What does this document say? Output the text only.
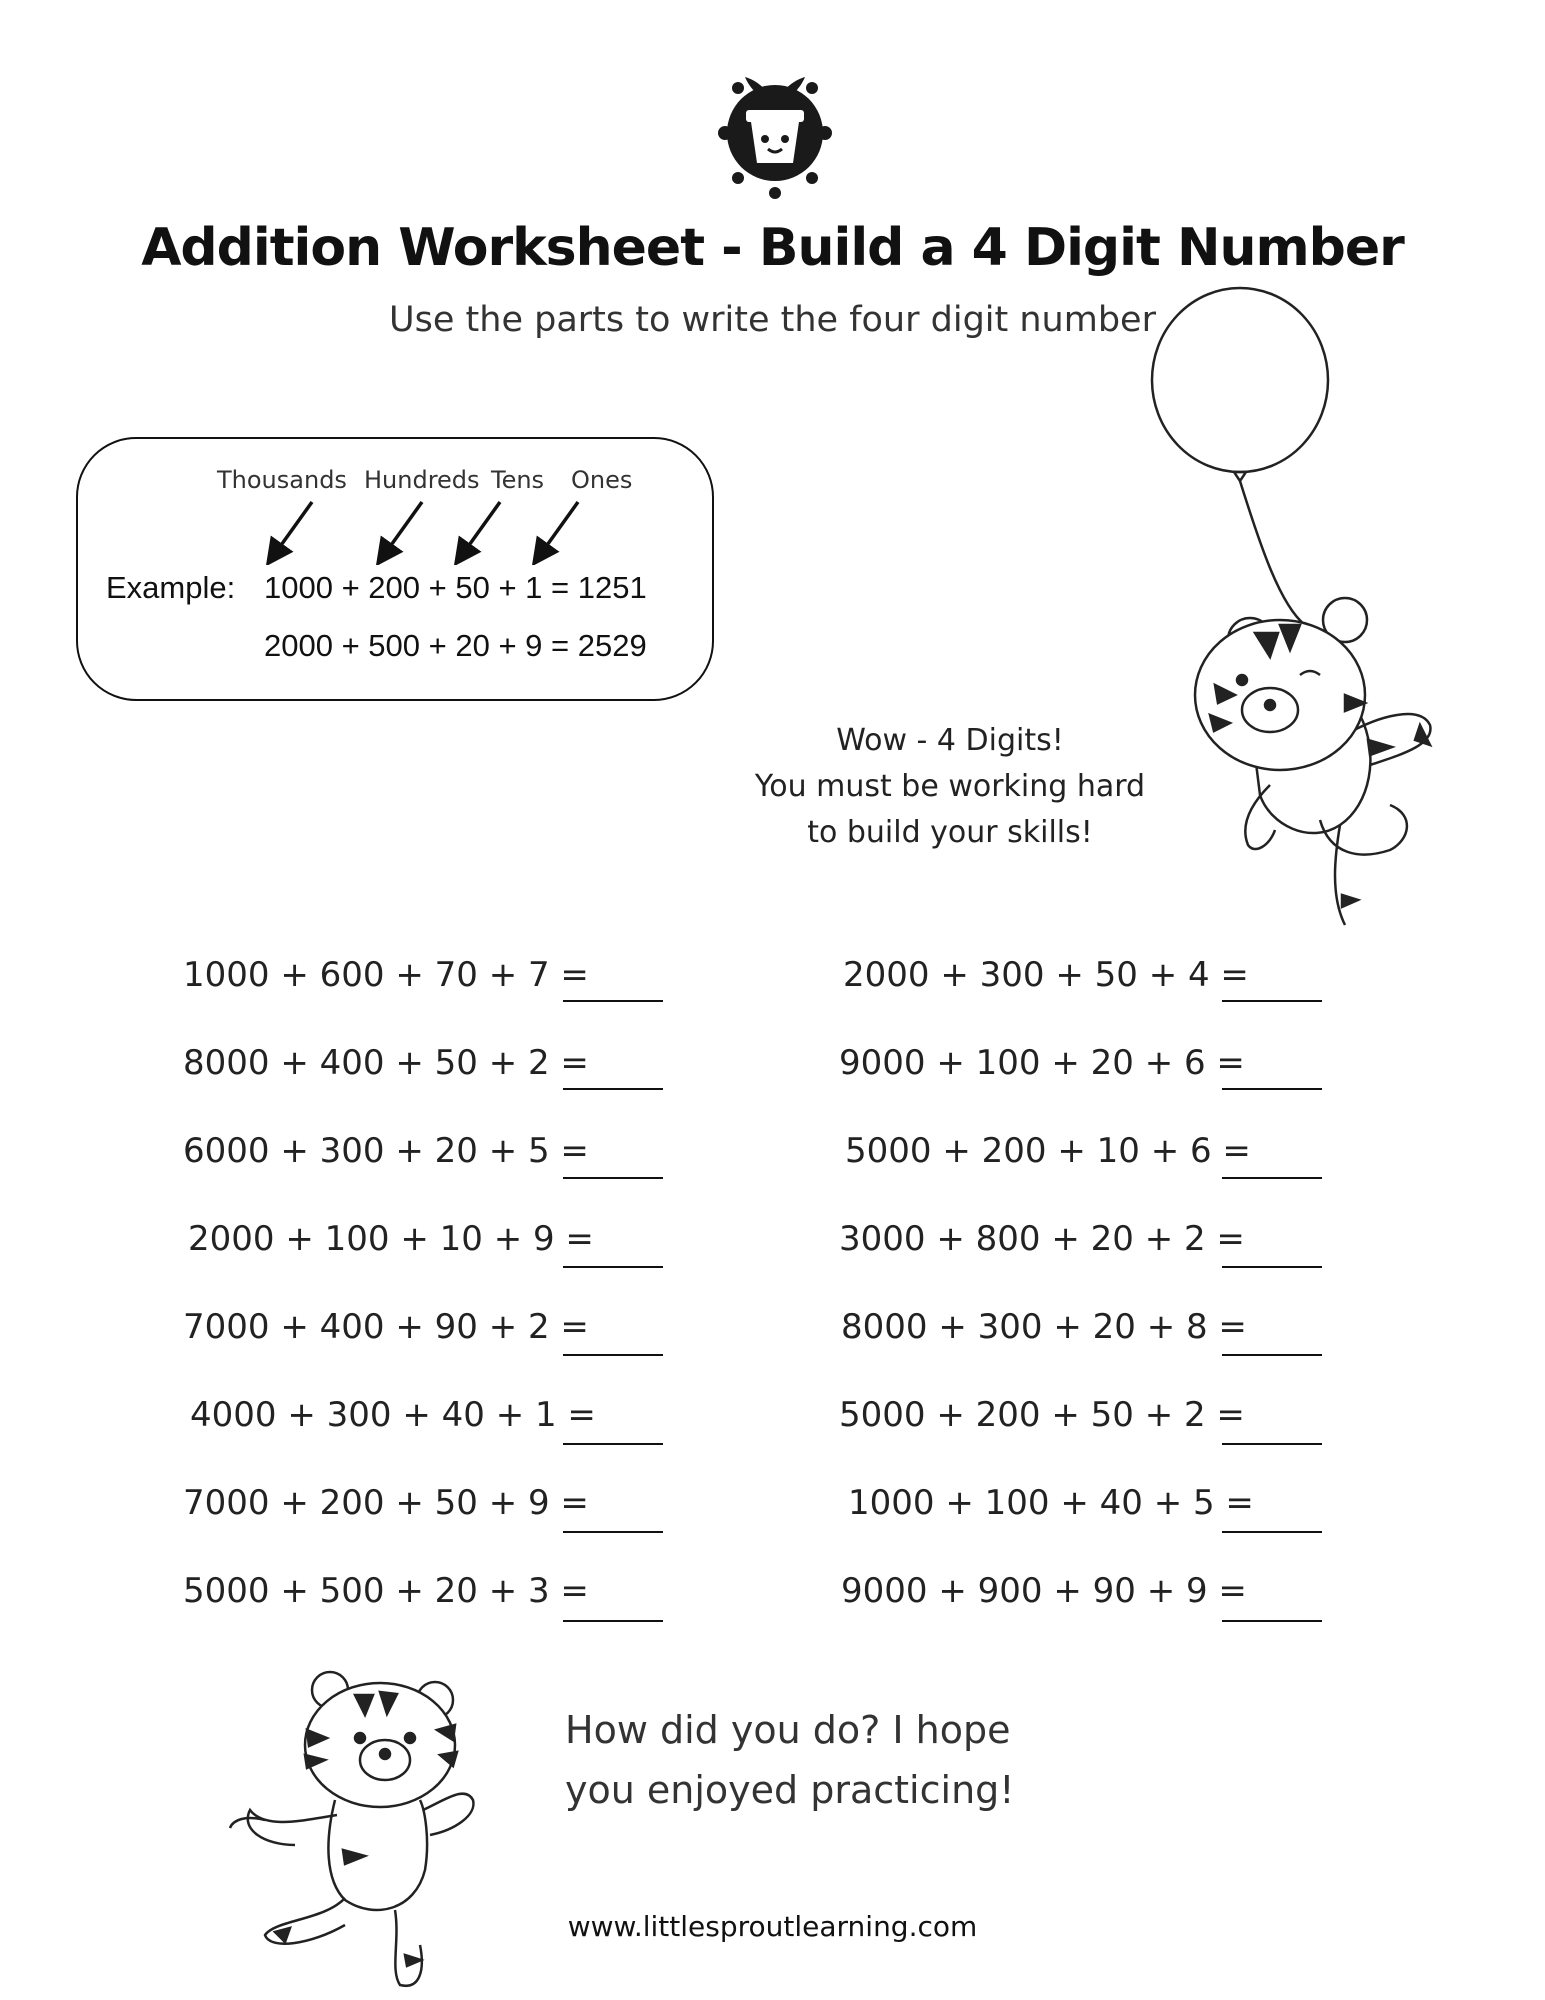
Addition Worksheet - Build a 4 Digit Number
Use the parts to write the four digit number
Thousands Hundreds Tens Ones
Example: 1000 + 200 + 50 + 1 = 1251
2000 + 500 + 20 + 9 = 2529
Wow - 4 Digits!
You must be working hard
to build your skills!
1000 + 600 + 70 + 7 =
8000 + 400 + 50 + 2 =
6000 + 300 + 20 + 5 =
2000 + 100 + 10 + 9 =
7000 + 400 + 90 + 2 =
4000 + 300 + 40 + 1 =
7000 + 200 + 50 + 9 =
5000 + 500 + 20 + 3 =
2000 + 300 + 50 + 4 =
9000 + 100 + 20 + 6 =
5000 + 200 + 10 + 6 =
3000 + 800 + 20 + 2 =
8000 + 300 + 20 + 8 =
5000 + 200 + 50 + 2 =
1000 + 100 + 40 + 5 =
9000 + 900 + 90 + 9 =
How did you do? I hope
you enjoyed practicing!
www.littlesproutlearning.com
